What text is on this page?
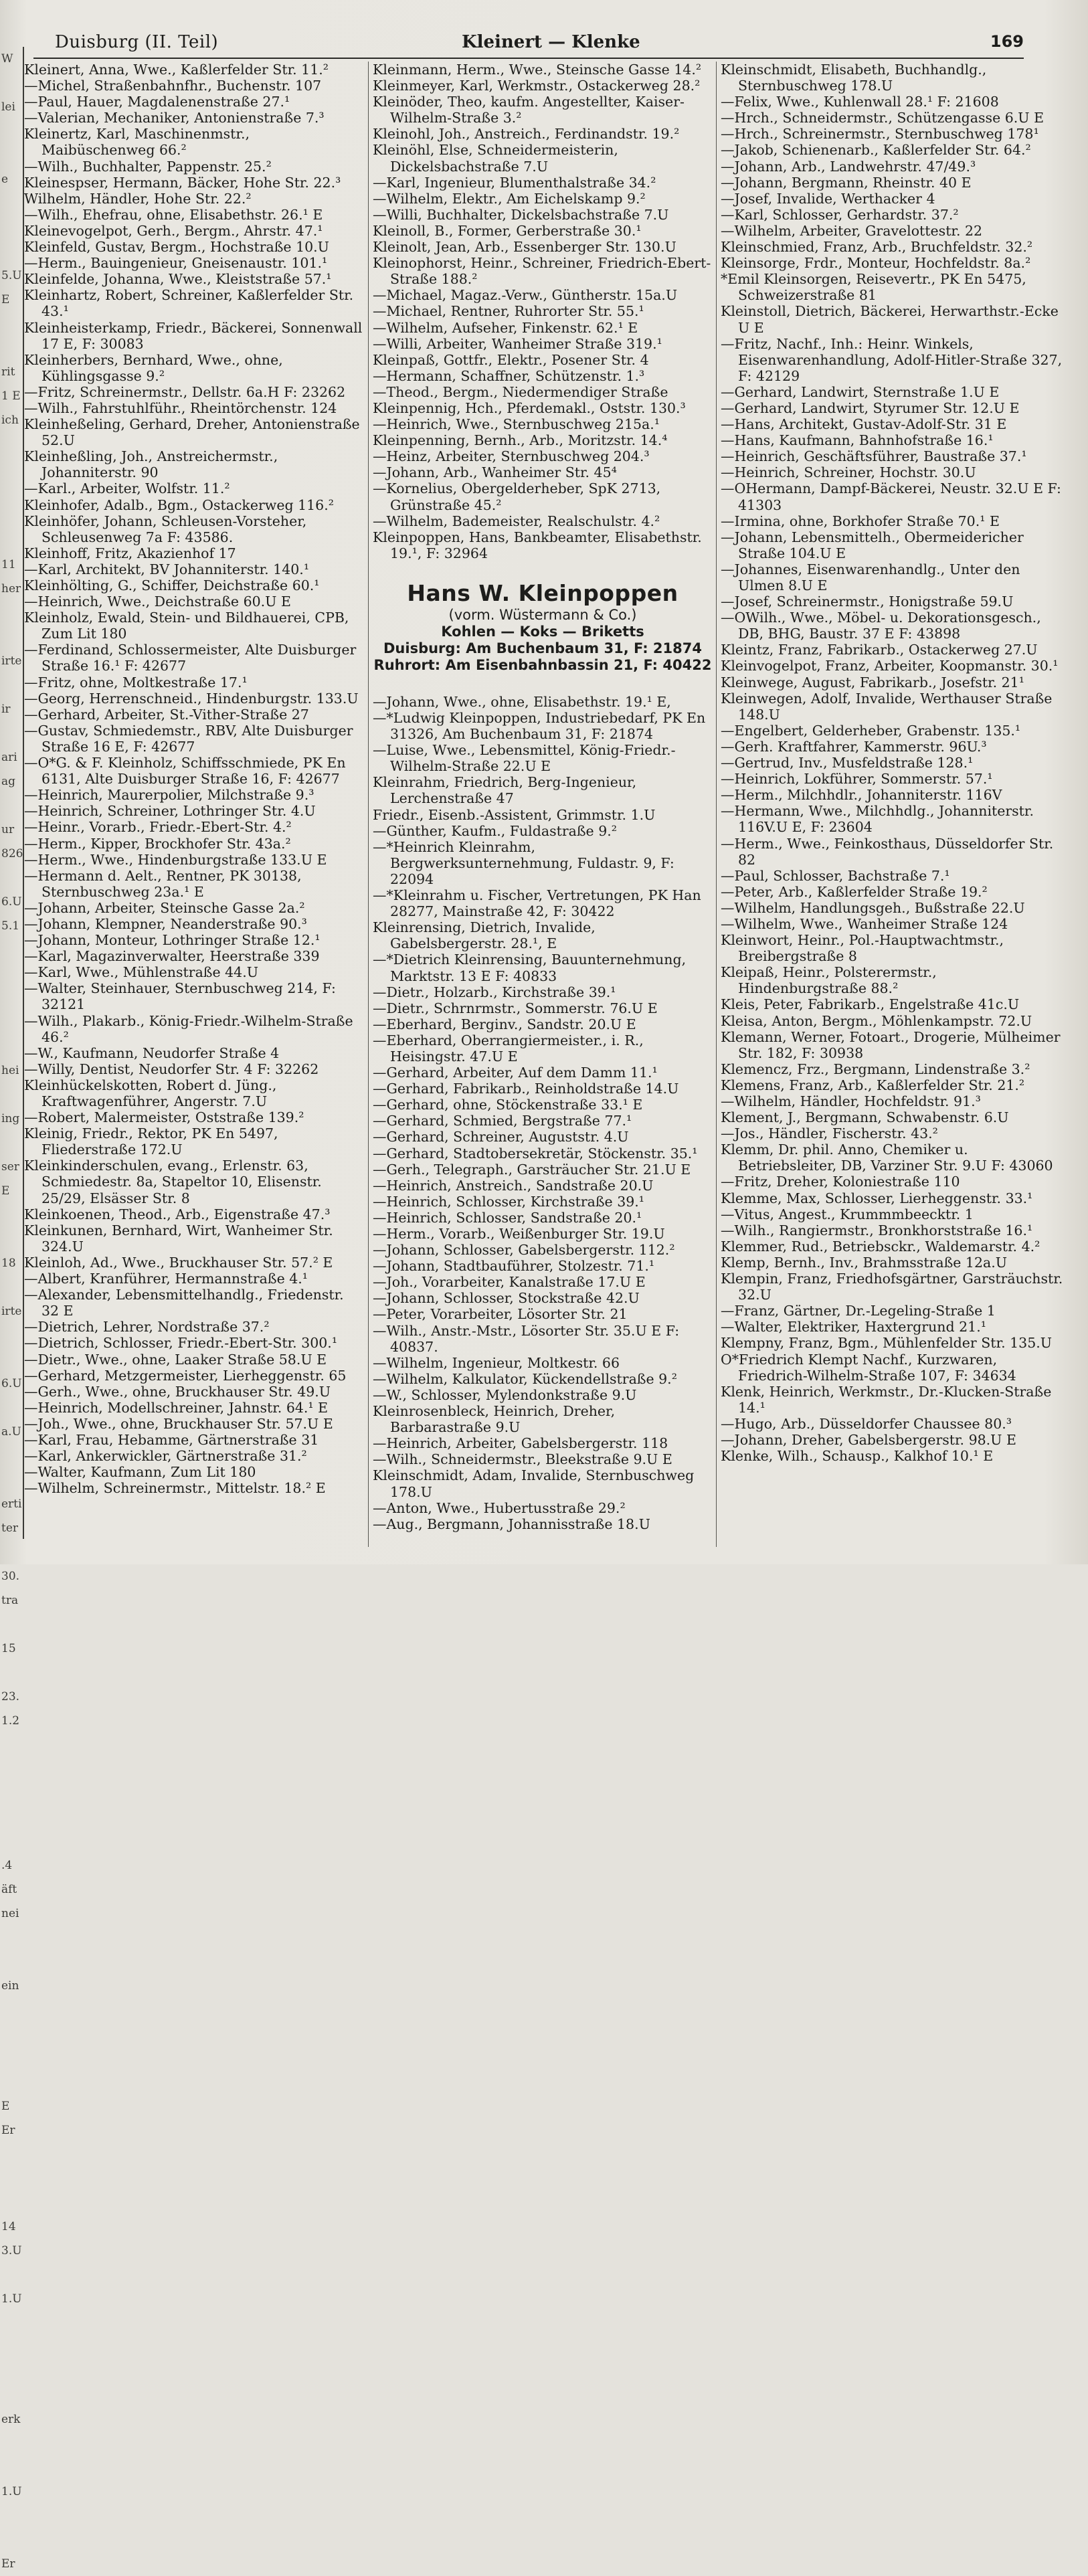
W
lei
e
5.U
E
rit
1 E
ich
11
her
irte
ir
ari
ag
ur
826
6.U
5.1
hei
ing
ser
E
18
irte
6.U
a.U
erti
ter
30.
tra
15
23.
1.2
.4
äft
nei
ein
E
Er
14
3.U
1.U
erk
1.U
Er
Duisburg (II. Teil)	Kleinert — Klenke	169
Kleinert, Anna, Wwe., Kaßlerfelder Str. 11.²
—Michel, Straßenbahnfhr., Buchenstr. 107
—Paul, Hauer, Magdalenenstraße 27.¹
—Valerian, Mechaniker, Antonienstraße 7.³
Kleinertz, Karl, Maschinenmstr., Maibüschenweg 66.²
—Wilh., Buchhalter, Pappenstr. 25.²
Kleinespser, Hermann, Bäcker, Hohe Str. 22.³
Wilhelm, Händler, Hohe Str. 22.²
—Wilh., Ehefrau, ohne, Elisabethstr. 26.¹ E
Kleinevogelpot, Gerh., Bergm., Ahrstr. 47.¹
Kleinfeld, Gustav, Bergm., Hochstraße 10.U
—Herm., Bauingenieur, Gneisenaustr. 101.¹
Kleinfelde, Johanna, Wwe., Kleiststraße 57.¹
Kleinhartz, Robert, Schreiner, Kaßlerfelder Str. 43.¹
Kleinheisterkamp, Friedr., Bäckerei, Sonnenwall 17 E, F: 30083
Kleinherbers, Bernhard, Wwe., ohne, Kühlingsgasse 9.²
—Fritz, Schreinermstr., Dellstr. 6a.H F: 23262
—Wilh., Fahrstuhlführ., Rheintörchenstr. 124
Kleinheßeling, Gerhard, Dreher, Antonienstraße 52.U
Kleinheßling, Joh., Anstreichermstr., Johanniterstr. 90
—Karl., Arbeiter, Wolfstr. 11.²
Kleinhofer, Adalb., Bgm., Ostackerweg 116.²
Kleinhöfer, Johann, Schleusen-Vorsteher, Schleusenweg 7a F: 43586.
Kleinhoff, Fritz, Akazienhof 17
—Karl, Architekt, BV Johanniterstr. 140.¹
Kleinhölting, G., Schiffer, Deichstraße 60.¹
—Heinrich, Wwe., Deichstraße 60.U E
Kleinholz, Ewald, Stein- und Bildhauerei, CPB, Zum Lit 180
—Ferdinand, Schlossermeister, Alte Duisburger Straße 16.¹ F: 42677
—Fritz, ohne, Moltkestraße 17.¹
—Georg, Herrenschneid., Hindenburgstr. 133.U
—Gerhard, Arbeiter, St.-Vither-Straße 27
—Gustav, Schmiedemstr., RBV, Alte Duisburger Straße 16 E, F: 42677
—O*G. & F. Kleinholz, Schiffsschmiede, PK En 6131, Alte Duisburger Straße 16, F: 42677
—Heinrich, Maurerpolier, Milchstraße 9.³
—Heinrich, Schreiner, Lothringer Str. 4.U
—Heinr., Vorarb., Friedr.-Ebert-Str. 4.²
—Herm., Kipper, Brockhofer Str. 43a.²
—Herm., Wwe., Hindenburgstraße 133.U E
—Hermann d. Aelt., Rentner, PK 30138, Sternbuschweg 23a.¹ E
—Johann, Arbeiter, Steinsche Gasse 2a.²
—Johann, Klempner, Neanderstraße 90.³
—Johann, Monteur, Lothringer Straße 12.¹
—Karl, Magazinverwalter, Heerstraße 339
—Karl, Wwe., Mühlenstraße 44.U
—Walter, Steinhauer, Sternbuschweg 214, F: 32121
—Wilh., Plakarb., König-Friedr.-Wilhelm-Straße 46.²
—W., Kaufmann, Neudorfer Straße 4
—Willy, Dentist, Neudorfer Str. 4 F: 32262
Kleinhückelskotten, Robert d. Jüng., Kraftwagenführer, Angerstr. 7.U
—Robert, Malermeister, Oststraße 139.²
Kleinig, Friedr., Rektor, PK En 5497, Fliederstraße 172.U
Kleinkinderschulen, evang., Erlenstr. 63, Schmiedestr. 8a, Stapeltor 10, Elisenstr. 25/29, Elsässer Str. 8
Kleinkoenen, Theod., Arb., Eigenstraße 47.³
Kleinkunen, Bernhard, Wirt, Wanheimer Str. 324.U
Kleinloh, Ad., Wwe., Bruckhauser Str. 57.² E
—Albert, Kranführer, Hermannstraße 4.¹
—Alexander, Lebensmittelhandlg., Friedenstr. 32 E
—Dietrich, Lehrer, Nordstraße 37.²
—Dietrich, Schlosser, Friedr.-Ebert-Str. 300.¹
—Dietr., Wwe., ohne, Laaker Straße 58.U E
—Gerhard, Metzgermeister, Lierheggenstr. 65
—Gerh., Wwe., ohne, Bruckhauser Str. 49.U
—Heinrich, Modellschreiner, Jahnstr. 64.¹ E
—Joh., Wwe., ohne, Bruckhauser Str. 57.U E
—Karl, Frau, Hebamme, Gärtnerstraße 31
—Karl, Ankerwickler, Gärtnerstraße 31.²
—Walter, Kaufmann, Zum Lit 180
—Wilhelm, Schreinermstr., Mittelstr. 18.² E
Kleinmann, Herm., Wwe., Steinsche Gasse 14.²
Kleinmeyer, Karl, Werkmstr., Ostackerweg 28.²
Kleinöder, Theo, kaufm. Angestellter, Kaiser-Wilhelm-Straße 3.²
Kleinohl, Joh., Anstreich., Ferdinandstr. 19.²
Kleinöhl, Else, Schneidermeisterin, Dickelsbachstraße 7.U
—Karl, Ingenieur, Blumenthalstraße 34.²
—Wilhelm, Elektr., Am Eichelskamp 9.²
—Willi, Buchhalter, Dickelsbachstraße 7.U
Kleinoll, B., Former, Gerberstraße 30.¹
Kleinolt, Jean, Arb., Essenberger Str. 130.U
Kleinophorst, Heinr., Schreiner, Friedrich-Ebert-Straße 188.²
—Michael, Magaz.-Verw., Güntherstr. 15a.U
—Michael, Rentner, Ruhrorter Str. 55.¹
—Wilhelm, Aufseher, Finkenstr. 62.¹ E
—Willi, Arbeiter, Wanheimer Straße 319.¹
Kleinpaß, Gottfr., Elektr., Posener Str. 4
—Hermann, Schaffner, Schützenstr. 1.³
—Theod., Bergm., Niedermendiger Straße
Kleinpennig, Hch., Pferdemakl., Oststr. 130.³
—Heinrich, Wwe., Sternbuschweg 215a.¹
Kleinpenning, Bernh., Arb., Moritzstr. 14.⁴
—Heinz, Arbeiter, Sternbuschweg 204.³
—Johann, Arb., Wanheimer Str. 45⁴
—Kornelius, Obergelderheber, SpK 2713, Grünstraße 45.²
—Wilhelm, Bademeister, Realschulstr. 4.²
Kleinpoppen, Hans, Bankbeamter, Elisabethstr. 19.¹, F: 32964
Hans W. Kleinpoppen
(vorm. Wüstermann & Co.)
Kohlen — Koks — Briketts
Duisburg: Am Buchenbaum 31, F: 21874
Ruhrort: Am Eisenbahnbassin 21, F: 40422
—Johann, Wwe., ohne, Elisabethstr. 19.¹ E,
—*Ludwig Kleinpoppen, Industriebedarf, PK En 31326, Am Buchenbaum 31, F: 21874
—Luise, Wwe., Lebensmittel, König-Friedr.-Wilhelm-Straße 22.U E
Kleinrahm, Friedrich, Berg-Ingenieur, Lerchenstraße 47
Friedr., Eisenb.-Assistent, Grimmstr. 1.U
—Günther, Kaufm., Fuldastraße 9.²
—*Heinrich Kleinrahm, Bergwerksunternehmung, Fuldastr. 9, F: 22094
—*Kleinrahm u. Fischer, Vertretungen, PK Han 28277, Mainstraße 42, F: 30422
Kleinrensing, Dietrich, Invalide, Gabelsbergerstr. 28.¹, E
—*Dietrich Kleinrensing, Bauunternehmung, Marktstr. 13 E F: 40833
—Dietr., Holzarb., Kirchstraße 39.¹
—Dietr., Schrnrmstr., Sommerstr. 76.U E
—Eberhard, Berginv., Sandstr. 20.U E
—Eberhard, Oberrangiermeister., i. R., Heisingstr. 47.U E
—Gerhard, Arbeiter, Auf dem Damm 11.¹
—Gerhard, Fabrikarb., Reinholdstraße 14.U
—Gerhard, ohne, Stöckenstraße 33.¹ E
—Gerhard, Schmied, Bergstraße 77.¹
—Gerhard, Schreiner, Auguststr. 4.U
—Gerhard, Stadtobersekretär, Stöckenstr. 35.¹
—Gerh., Telegraph., Garsträucher Str. 21.U E
—Heinrich, Anstreich., Sandstraße 20.U
—Heinrich, Schlosser, Kirchstraße 39.¹
—Heinrich, Schlosser, Sandstraße 20.¹
—Herm., Vorarb., Weißenburger Str. 19.U
—Johann, Schlosser, Gabelsbergerstr. 112.²
—Johann, Stadtbauführer, Stolzestr. 71.¹
—Joh., Vorarbeiter, Kanalstraße 17.U E
—Johann, Schlosser, Stockstraße 42.U
—Peter, Vorarbeiter, Lösorter Str. 21
—Wilh., Anstr.-Mstr., Lösorter Str. 35.U E F: 40837.
—Wilhelm, Ingenieur, Moltkestr. 66
—Wilhelm, Kalkulator, Kückendellstraße 9.²
—W., Schlosser, Mylendonkstraße 9.U
Kleinrosenbleck, Heinrich, Dreher, Barbarastraße 9.U
—Heinrich, Arbeiter, Gabelsbergerstr. 118
—Wilh., Schneidermstr., Bleekstraße 9.U E
Kleinschmidt, Adam, Invalide, Sternbuschweg 178.U
—Anton, Wwe., Hubertusstraße 29.²
—Aug., Bergmann, Johannisstraße 18.U
Kleinschmidt, Elisabeth, Buchhandlg., Sternbuschweg 178.U
—Felix, Wwe., Kuhlenwall 28.¹ F: 21608
—Hrch., Schneidermstr., Schützengasse 6.U E
—Hrch., Schreinermstr., Sternbuschweg 178¹
—Jakob, Schienenarb., Kaßlerfelder Str. 64.²
—Johann, Arb., Landwehrstr. 47/49.³
—Johann, Bergmann, Rheinstr. 40 E
—Josef, Invalide, Werthacker 4
—Karl, Schlosser, Gerhardstr. 37.²
—Wilhelm, Arbeiter, Gravelottestr. 22
Kleinschmied, Franz, Arb., Bruchfeldstr. 32.²
Kleinsorge, Frdr., Monteur, Hochfeldstr. 8a.²
*Emil Kleinsorgen, Reisevertr., PK En 5475, Schweizerstraße 81
Kleinstoll, Dietrich, Bäckerei, Herwarthstr.-Ecke U E
—Fritz, Nachf., Inh.: Heinr. Winkels, Eisenwarenhandlung, Adolf-Hitler-Straße 327, F: 42129
—Gerhard, Landwirt, Sternstraße 1.U E
—Gerhard, Landwirt, Styrumer Str. 12.U E
—Hans, Architekt, Gustav-Adolf-Str. 31 E
—Hans, Kaufmann, Bahnhofstraße 16.¹
—Heinrich, Geschäftsführer, Baustraße 37.¹
—Heinrich, Schreiner, Hochstr. 30.U
—OHermann, Dampf-Bäckerei, Neustr. 32.U E F: 41303
—Irmina, ohne, Borkhofer Straße 70.¹ E
—Johann, Lebensmittelh., Obermeidericher Straße 104.U E
—Johannes, Eisenwarenhandlg., Unter den Ulmen 8.U E
—Josef, Schreinermstr., Honigstraße 59.U
—OWilh., Wwe., Möbel- u. Dekorationsgesch., DB, BHG, Baustr. 37 E F: 43898
Kleintz, Franz, Fabrikarb., Ostackerweg 27.U
Kleinvogelpot, Franz, Arbeiter, Koopmanstr. 30.¹
Kleinwege, August, Fabrikarb., Josefstr. 21¹
Kleinwegen, Adolf, Invalide, Werthauser Straße 148.U
—Engelbert, Gelderheber, Grabenstr. 135.¹
—Gerh. Kraftfahrer, Kammerstr. 96U.³
—Gertrud, Inv., Musfeldstraße 128.¹
—Heinrich, Lokführer, Sommerstr. 57.¹
—Herm., Milchhdlr., Johanniterstr. 116V
—Hermann, Wwe., Milchhdlg., Johanniterstr. 116V.U E, F: 23604
—Herm., Wwe., Feinkosthaus, Düsseldorfer Str. 82
—Paul, Schlosser, Bachstraße 7.¹
—Peter, Arb., Kaßlerfelder Straße 19.²
—Wilhelm, Handlungsgeh., Bußstraße 22.U
—Wilhelm, Wwe., Wanheimer Straße 124
Kleinwort, Heinr., Pol.-Hauptwachtmstr., Breibergstraße 8
Kleipaß, Heinr., Polsterermstr., Hindenburgstraße 88.²
Kleis, Peter, Fabrikarb., Engelstraße 41c.U
Kleisa, Anton, Bergm., Möhlenkampstr. 72.U
Klemann, Werner, Fotoart., Drogerie, Mülheimer Str. 182, F: 30938
Klemencz, Frz., Bergmann, Lindenstraße 3.²
Klemens, Franz, Arb., Kaßlerfelder Str. 21.²
—Wilhelm, Händler, Hochfeldstr. 91.³
Klement, J., Bergmann, Schwabenstr. 6.U
—Jos., Händler, Fischerstr. 43.²
Klemm, Dr. phil. Anno, Chemiker u. Betriebsleiter, DB, Varziner Str. 9.U F: 43060
—Fritz, Dreher, Koloniestraße 110
Klemme, Max, Schlosser, Lierheggenstr. 33.¹
—Vitus, Angest., Krummmbeecktr. 1
—Wilh., Rangiermstr., Bronkhorststraße 16.¹
Klemmer, Rud., Betriebsckr., Waldemarstr. 4.²
Klemp, Bernh., Inv., Brahmsstraße 12a.U
Klempin, Franz, Friedhofsgärtner, Garsträuchstr. 32.U
—Franz, Gärtner, Dr.-Legeling-Straße 1
—Walter, Elektriker, Haxtergrund 21.¹
Klempny, Franz, Bgm., Mühlenfelder Str. 135.U
O*Friedrich Klempt Nachf., Kurzwaren, Friedrich-Wilhelm-Straße 107, F: 34634
Klenk, Heinrich, Werkmstr., Dr.-Klucken-Straße 14.¹
—Hugo, Arb., Düsseldorfer Chaussee 80.³
—Johann, Dreher, Gabelsbergerstr. 98.U E
Klenke, Wilh., Schausp., Kalkhof 10.¹ E
